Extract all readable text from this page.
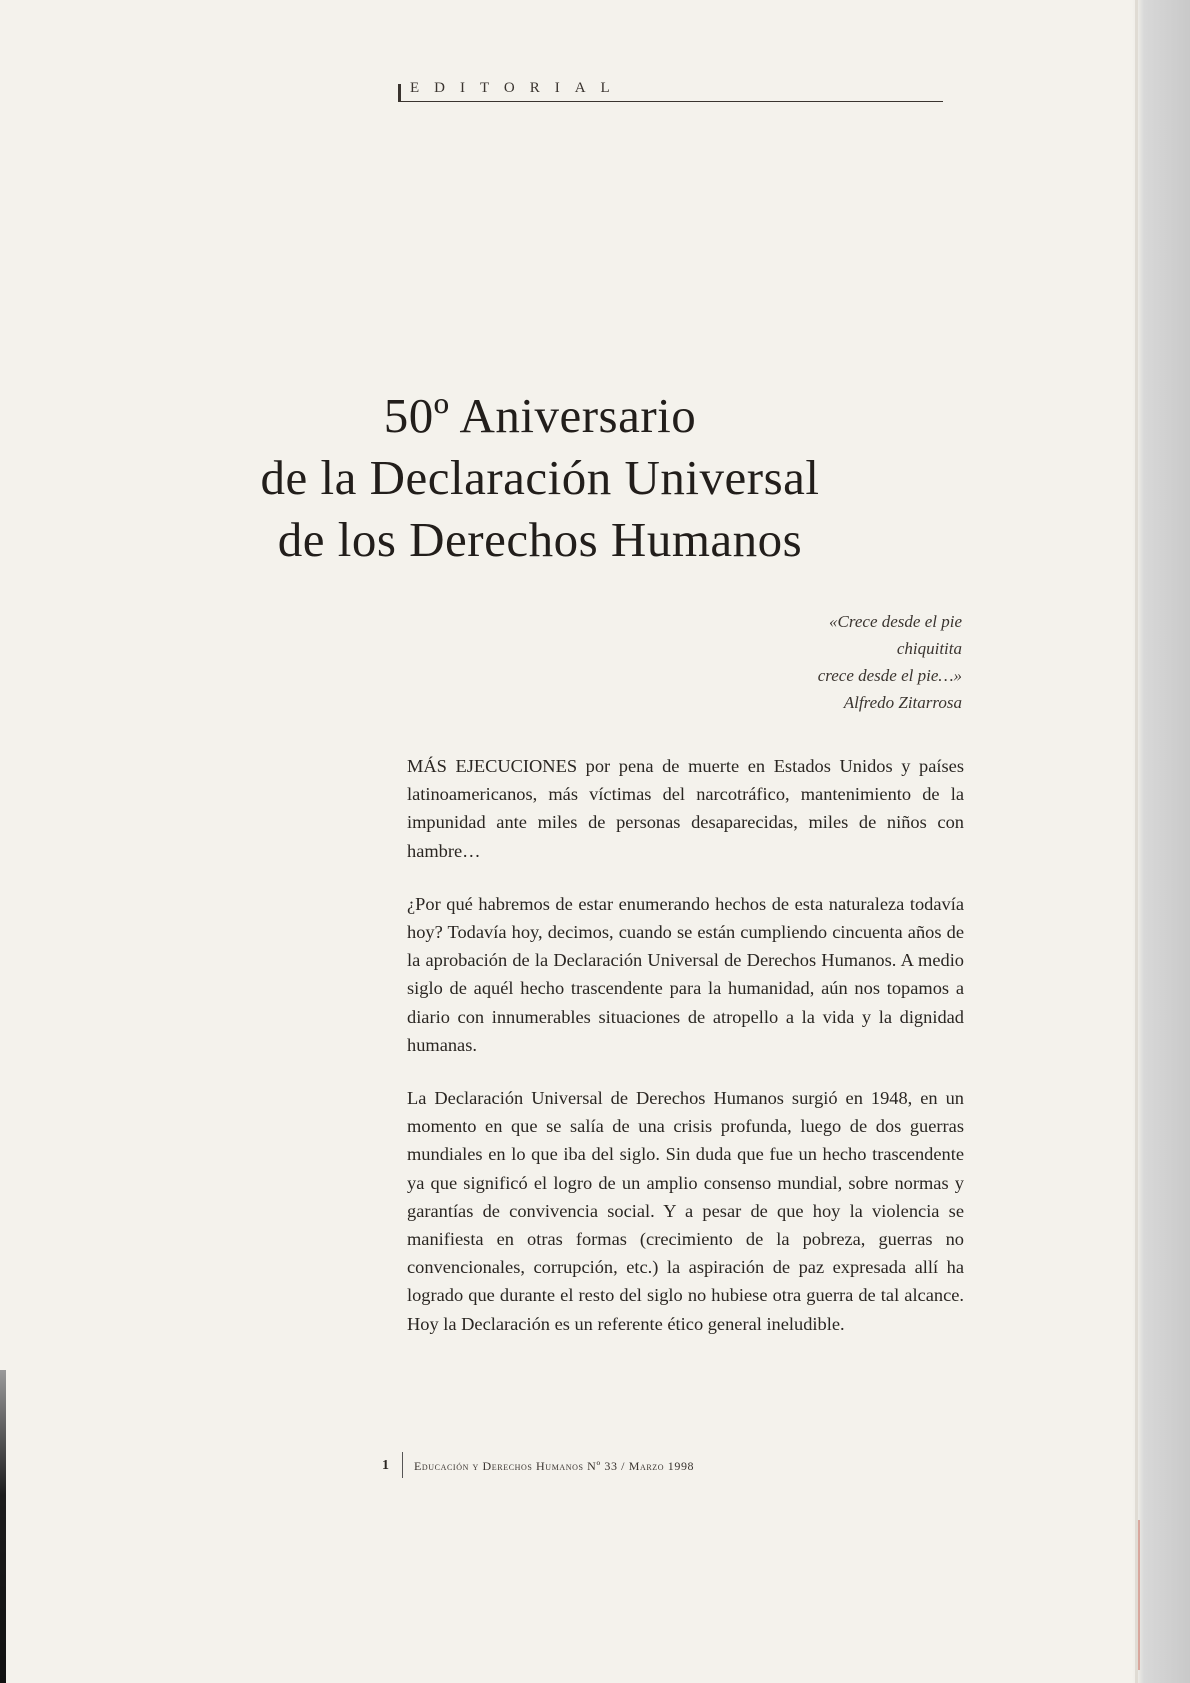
EDITORIAL
50º Aniversario
de la Declaración Universal
de los Derechos Humanos
«Crece desde el pie
chiquitita
crece desde el pie…»
Alfredo Zitarrosa

MÁS EJECUCIONES por pena de muerte en Estados Unidos y países latinoamericanos, más víctimas del narcotráfico, mantenimiento de la impunidad ante miles de personas desaparecidas, miles de niños con hambre…

¿Por qué habremos de estar enumerando hechos de esta naturaleza todavía hoy? Todavía hoy, decimos, cuando se están cumpliendo cincuenta años de la aprobación de la Declaración Universal de Derechos Humanos. A medio siglo de aquél hecho trascendente para la humanidad, aún nos topamos a diario con innumerables situaciones de atropello a la vida y la dignidad humanas.

La Declaración Universal de Derechos Humanos surgió en 1948, en un momento en que se salía de una crisis profunda, luego de dos guerras mundiales en lo que iba del siglo. Sin duda que fue un hecho trascendente ya que significó el logro de un amplio consenso mundial, sobre normas y garantías de convivencia social. Y a pesar de que hoy la violencia se manifiesta en otras formas (crecimiento de la pobreza, guerras no convencionales, corrupción, etc.) la aspiración de paz expresada allí ha logrado que durante el resto del siglo no hubiese otra guerra de tal alcance. Hoy la Declaración es un referente ético general ineludible.

1 Educación y Derechos Humanos Nº 33 / Marzo 1998
